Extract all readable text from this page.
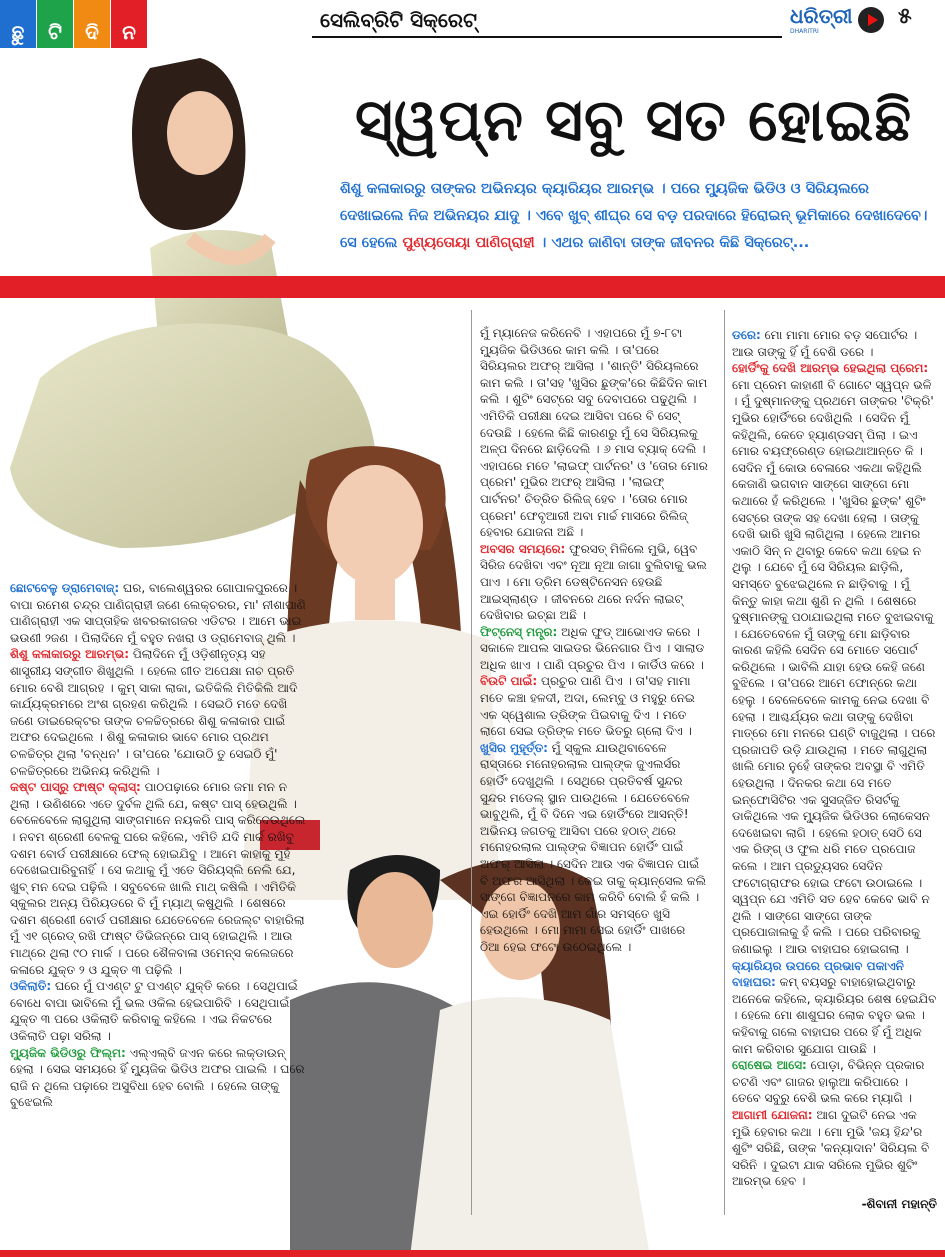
ଛୁ	ଟି	ଦି	ନ	ସେଲିବ୍ରିଟି ସିକ୍ରେଟ୍	ଧରିତ୍ରୀ
DHARITRI
୫
ସ୍ୱପ୍ନ ସବୁ ସତ ହୋଇଛି
ଶିଶୁ କଳାକାରରୁ ତାଙ୍କର ଅଭିନୟର କ୍ୟାରିୟର ଆରମ୍ଭ । ପରେ ମ୍ୟୁଜିକ ଭିଡିଓ ଓ ସିରିୟଲରେ ଦେଖାଇଲେ ନିଜ ଅଭିନୟର ଯାଦୁ । ଏବେ ଖୁବ୍ ଶୀଘ୍ର ସେ ବଡ଼ ପରଦାରେ ହିରୋଇନ୍ ଭୂମିକାରେ ଦେଖାଦେବେ। ସେ ହେଲେ ପୁଣ୍ୟତୋୟା ପାଣିଗ୍ରାହୀ । ଏଥର ଜାଣିବା ତାଙ୍କ ଜୀବନର କିଛି ସିକ୍ରେଟ୍...

ଛୋଟବେଳୁ ଡ୍ରାମେବାଜ୍: ଘର, ବାଲେଶ୍ୱରର ଗୋପାଳପୁରରେ । ବାପା ରମେଶ ଚନ୍ଦ୍ର ପାଣିଗ୍ରାହୀ ଜଣେ ଲେକ୍ଚରର, ମା' ନୀଶାପାଣି ପାଣିଗ୍ରାହୀ ଏକ ସାପ୍ତାହିକ ଖବରକାଗଜର ଏଡିଟର । ଆମେ ଭାଇ ଭଉଣୀ ୨ଜଣ । ପିଲାଦିନେ ମୁଁ ବହୁତ ନଖରା ଓ ଡ୍ରାମେବାଜ୍ ଥିଲି ।

ଶିଶୁ କଳାକାରରୁ ଆରମ୍ଭ: ପିଲାଦିନେ ମୁଁ ଓଡ଼ିଶୀନୃତ୍ୟ ସହ ଶାସ୍ତ୍ରୀୟ ସଙ୍ଗୀତ ଶିଖୁଥିଲି । ହେଲେ ଗୀତ ଅପେକ୍ଷା ନାଚ ପ୍ରତି ମୋର ବେଶି ଆଗ୍ରହ । କୁମ୍ ସାକା ଲାକା, ଇତିକିଲି ମିତିକିଲି ଆଦି କାର୍ଯ୍ୟକ୍ରମରେ ଅଂଶ ଗ୍ରହଣ କରିଥିଲି । ସେଇଠି ମତେ ଦେଖି ଜଣେ ଡାଇରେକ୍ଟର ତାଙ୍କ ଚଳଚ୍ଚିତ୍ରରେ ଶିଶୁ କଳାକାର ପାଇଁ ଅଫର ଦେଇଥିଲେ । ଶିଶୁ କଳାକାର ଭାବେ ମୋର ପ୍ରଥମ ଚଳଚ୍ଚିତ୍ର ଥିଲା 'ବନ୍ଧନ' । ତା'ପରେ 'ଯୋଉଠି ତୁ ସେଇଠି ମୁଁ' ଚଳଚ୍ଚିତ୍ରରେ ଅଭିନୟ କରିଥିଲି ।

କଷ୍ଟ ପାସ୍‌ରୁ ଫାଷ୍ଟ କ୍ଲାସ୍: ପାଠପଢ଼ାରେ ମୋର ଜମା ମନ ନ ଥିଲା । ଉଣିଶରେ ଏତେ ଦୁର୍ବଳ ଥିଲି ଯେ, କଷ୍ଟ ପାସ୍ ହେଉଥିଲି । ବେଳେବେଳେ ଲାଗୁଥିଲା ସାଙ୍ଗମାନେ ନୟକରି ପାସ୍ କରିଦେଉଥିଲେ । ନବମ ଶ୍ରେଣୀ ବେଳକୁ ଘରେ କହିଲେ, ଏମିତି ଯଦି ମାର୍କ ରଖିବୁ ଦଶମ ବୋର୍ଡ ପରୀକ୍ଷାରେ ଫେଲ୍ ହୋଇଯିବୁ । ଆମେ କାହାକୁ ମୁହଁ ଦେଖେଇପାରିବୁନାହିଁ । ସେ କଥାକୁ ମୁଁ ଏତେ ସିରିୟସ୍‌ଲି ନେଲି ଯେ, ଖୁବ୍ ମନ ଦେଇ ପଢ଼ିଲି । ସବୁବେଳେ ଖାଲି ମାଥ୍ କଷିଲି । ଏମିତିକି ସ୍କୁଲର ଅନ୍ୟ ପିରିୟଡରେ ବି ମୁଁ ମ୍ୟାଥ୍ କଷୁଥିଲି । ଶେଷରେ ଦଶମ ଶ୍ରେଣୀ ବୋର୍ଡ ପରୀକ୍ଷାର ଯେତେବେଳେ ରେଜଲ୍ଟ ବାହାରିଲା ମୁଁ ଏ୧ ଗ୍ରେଡ୍ ରଖି ଫାଷ୍ଟ ଡିଭିଜନ୍‌ରେ ପାସ୍ ହୋଇଥିଲି । ଆଉ ମାଥ୍‌ରେ ଥିଲା ୯୦ ମାର୍କ । ପରେ ଶୈଳବାଳା ଓମେନ୍ସ କଲେଜରେ କଳାରେ ଯୁକ୍ତ ୨ ଓ ଯୁକ୍ତ ୩ ପଢ଼ିଲି ।

ଓକିଲାତି: ଘରେ ମୁଁ ପଏଣ୍ଟ ଟୁ ପଏଣ୍ଟ ଯୁକ୍ତି କରେ । ସେଥିପାଇଁ ବୋଧେ ବାପା ଭାବିଲେ ମୁଁ ଭଲ ଓକିଲ ହେଇପାରିବି । ସେଥିପାଇଁ ଯୁକ୍ତ ୩ ପରେ ଓକିଲାତି କରିବାକୁ କହିଲେ । ଏଇ ନିକଟରେ ଓକିଲାତି ପଢ଼ା ସରିଲା ।

ମ୍ୟୁଜିକ ଭିଡିଓରୁ ଫିଲ୍ମ: ଏଲ୍‌ଏଲ୍‌ବି ଜଏନ କରେ ଲକ୍‌ଡାଉନ୍ ହେଲା । ସେଇ ସମୟରେ ହିଁ ମ୍ୟୁଜିକ ଭିଡିଓ ଅଫର ପାଇଲି । ଘରେ ରାଜି ନ ଥିଲେ ପଢ଼ାରେ ଅସୁବିଧା ହେବ ବୋଲି । ହେଲେ ତାଙ୍କୁ ବୁଝେଇଲି

ମୁଁ ମ୍ୟାନେଜ କରିନେବି । ଏହାପରେ ମୁଁ ୭-୮ଟା ମ୍ୟୁଜିକ ଭିଡିଓରେ କାମ କଲି । ତା'ପରେ ସିରିୟଲର ଅଫର୍ ଆସିଲା । 'ଶାନ୍ତି' ସିରିୟଲରେ କାମ କଲି । ତା'ସହ 'ଖୁସିର ଛୁଙ୍କ'ରେ କିଛିଦିନ କାମ କଲି । ଶୁଟିଂ ସେଟ୍‌ରେ ସବୁ ଦେବାପରେ ପଢୁଥିଲି । ଏମିତିକି ପରୀକ୍ଷା ଦେଇ ଆସିବା ପରେ ବି ସେଟ୍ ଦେଉଛି । ହେଲେ କିଛି କାରଣରୁ ମୁଁ ସେ ସିରିୟଲକୁ ଅଳ୍ପ ଦିନରେ ଛାଡ଼ିଦେଲି । ୬ ମାସ ବ୍ୟାକ୍ ଦେଲି । ଏହାପରେ ମତେ 'ଲାଇଫ୍ ପାର୍ଟନର' ଓ 'ତୋର ମୋର ପ୍ରେମ' ମୁଭିର ଅଫର୍ ଆସିଲା । 'ଲାଇଫ୍ ପାର୍ଟନର' ଚିତ୍ରିତ ରିଲିଜ୍ ହେବ । 'ତୋର ମୋର ପ୍ରେମ' ଫେବୃଆରୀ ଅବା ମାର୍ଚ୍ଚ ମାସରେ ରିଲିଜ୍ ହେବାର ଯୋଜନା ଅଛି ।

ଅବସର ସମୟରେ: ଫୁରସତ୍ ମିଳିଲେ ମୁଭି, ୱେବ ସିରିଜ ଦେଖିବା ଏବଂ ନୂଆ ନୂଆ ଜାଗା ବୁଲିବାକୁ ଭଲ ପାଏ । ମୋ ଡ୍ରିମ ଡେଷ୍ଟିନେସନ ହେଉଛି ଆଇସ୍‌ଲାଣ୍ଡ । ଜୀବନରେ ଥରେ ନର୍ଦନ ଲାଇଟ୍ ଦେଖିବାର ଇଚ୍ଛା ଅଛି ।

ଫିଟ୍‌ନେସ୍ ମନ୍ତ୍ର: ଅଧିକ ଫୁଡ୍ ଆଭୋଏଡ କରେ । ସକାଳେ ଆପଲ ସାଇଡର ଭିନେଗାର ପିଏ । ସାଲାଡ ଅଧିକ ଖାଏ । ପାଣି ପ୍ରଚୁର ପିଏ । କାର୍ଡିଓ କରେ ।

ବିଉଟି ପାଇଁ: ପ୍ରଚୁର ପାଣି ପିଏ । ତା'ସହ ମାମା ମତେ କଞ୍ଚା ହଳଦୀ, ଅଦା, ଲେମ୍ବୁ ଓ ମହୁରୁ ନେଇ ଏକ ସ୍ୱେଶାଲ ଡ୍ରିଙ୍କ ପିଇବାକୁ ଦିଏ । ମତେ ଲାଗେ ସେଇ ଡ୍ରିଙ୍କ ମତେ ଭିତରୁ ଗ୍ଲୋ ଦିଏ ।

ଖୁସିର ମୁହୂର୍ତ୍ତ: ମୁଁ ସ୍କୁଲ ଯାଉଥିବାବେଳେ ରାସ୍ତାରେ ମନୋହରଲାଲ ପାଲ୍ଙ୍କ ଜୁଏଲର୍ସର ହୋର୍ଡିଂ ଦେଖୁଥିଲି । ସେଥିରେ ପ୍ରତିବର୍ଷ ସୁନ୍ଦର ସୁନ୍ଦର ମଡେଲ୍ ସ୍ଥାନ ପାଉଥିଲେ । ଯେତେବେଳେ ଭାବୁଥିଲି, ମୁଁ ବି ଦିନେ ଏଇ ହୋର୍ଡିଂରେ ଆସନ୍ତି! ଅଭିନୟ ଜଗତକୁ ଆସିବା ପରେ ହଠାତ୍ ଥରେ ମନୋହରଲାଲ ପାଲ୍ଙ୍କ ବିଜ୍ଞାପନ ହୋର୍ଡିଂ ପାଇଁ ଅଫର୍ ଆସିଲା । ସେଦିନ ଆଉ ଏକ ବିଜ୍ଞାପନ ପାଇଁ ବି ଅଫର ଆସିଥିଲା । କେଇ ତାକୁ କ୍ୟାନ୍ସେଲ କଲି ସାଙ୍ଗେ ବିଜ୍ଞାପନରେ କାମ କରିବି ବୋଲି ହଁ କଲି । ଏଇ ହୋର୍ଡିଂ ଦେଖି ଆମ ଗାଁର ସମସ୍ତେ ଖୁସି ହେଉଥିଲେ । ମୋ ମାମା ସେଇ ହୋର୍ଡିଂ ପାଖରେ ଠିଆ ହେଇ ଫଟୋ ଉଠେଇଥିଲେ ।

ଡରେ: ମୋ ମାମା ମୋର ବଡ଼ ସପୋର୍ଟର । ଆଉ ତାଙ୍କୁ ହିଁ ମୁଁ ବେଶି ଡରେ ।

ହୋର୍ଡିଂକୁ ଦେଖି ଆରମ୍ଭ ହେଇଥିଲା ପ୍ରେମ: ମୋ ପ୍ରେମ କାହାଣୀ ବି ଗୋଟେ ସ୍ୱପ୍ନ ଭଳି । ମୁଁ ଦୁଷ୍ମାନଙ୍କୁ ପ୍ରଥମେ ତାଙ୍କର 'ଟିକ୍ରି' ମୁଭିର ହୋର୍ଡିଂରେ ଦେଖିଥିଲି । ସେଦିନ ମୁଁ କହିଥିଲି, କେତେ ହ୍ୟାଣ୍ଡସମ୍ ପିଲା । ଇଏ ମୋର ବୟଫ୍ରେଣ୍ଡ ହୋଇଥାଆନ୍ତେ କି । ସେଦିନ ମୁଁ କୋଉ ବେଳାରେ ଏକଥା କହିଥିଲି କେଜାଣି ଭଗବାନ ସାଙ୍ଗେ ସାଙ୍ଗେ ମୋ କଥାରେ ହଁ କରିଥିଲେ । 'ଖୁସିର ଛୁଙ୍କ' ଶୁଟିଂ ସେଟ୍‌ରେ ତାଙ୍କ ସହ ଦେଖା ହେଲା । ତାଙ୍କୁ ଦେଖି ଭାରି ଖୁସି ଲାଗିଥିଲା । ହେଲେ ଆମର ଏକାଠି ସିନ୍ ନ ଥିବାରୁ କେବେ କଥା ହେଇ ନ ଥିଲୁ । ଯେବେ ମୁଁ ସେ ସିରିୟଲ ଛାଡ଼ିଲି, ସମସ୍ତେ ବୁଝେଇଥିଲେ ନ ଛାଡ଼ିବାକୁ । ମୁଁ କିନ୍ତୁ କାହା କଥା ଶୁଣି ନ ଥିଲି । ଶେଷରେ ଦୁଷ୍ମାନଙ୍କୁ ପଠାଯାଇଥିଲା ମତେ ବୁଝାଇବାକୁ । ଯେତେବେଳେ ମୁଁ ତାଙ୍କୁ ମୋ ଛାଡ଼ିବାର କାରଣ କହିଲି ସେଦିନ ସେ ମୋତେ ସପୋର୍ଟ କରିଥିଲେ । ଭାବିଲି ଯାହା ହେଉ କେହି ଜଣେ ବୁଝିଲେ । ତା'ପରେ ଆମେ ଫୋନ୍‌ରେ କଥା ହେଲୁ । ବେଳେବେଳେ କାମକୁ ନେଇ ଦେଖା ବି ହେଲା । ଆଶ୍ଚର୍ଯ୍ୟର କଥା ତାଙ୍କୁ ଦେଖିବା ମାତ୍ରେ ମୋ ମନରେ ଘଣ୍ଟି ବାଜୁଥିଲା । ପରେ ପ୍ରଜାପତି ଉଡ଼ି ଯାଉଥିଲା । ମତେ ଲାଗୁଥିଲା ଖାଲି ମୋର ନୁହେଁ ତାଙ୍କର ଅବସ୍ଥା ବି ଏମିତି ହେଉଥିଲା । ଦିନକର କଥା ସେ ମତେ ଇନ୍‌ଫୋସିଟିର ଏକ ସୁସଜ୍ଜିତ ରିସର୍ଟକୁ ଡାକିଥିଲେ ଏକ ମ୍ୟୁଜିକ ଭିଡିଓର ଲୋକେସନ ଦେଖେଇବା ଲାଗି । ହେଲେ ହଠାତ୍ ସେଠି ସେ ଏକ ରିଙ୍ଗ୍ ଓ ଫୁଲ ଧରି ମତେ ପ୍ରପୋଜ କଲେ । ଆମ ପ୍ରଡ୍ୟୁସର ସେଦିନ ଫଟୋଗ୍ରାଫର ହୋଇ ଫଟୋ ଉଠାଇଲେ । ସ୍ୱପ୍ନ ଯେ ଏମିତି ସତ ହେବ କେବେ ଭାବି ନ ଥିଲି । ସାଙ୍ଗେ ସାଙ୍ଗେ ତାଙ୍କ ପ୍ରପୋଜାଲକୁ ହଁ କଲି । ପରେ ପରିବାରକୁ ଜଣାଇଲୁ । ଆଉ ବାହାଘର ହୋଇଗଲା ।

କ୍ୟାରିୟର ଉପରେ ପ୍ରଭାବ ପକାଏନି ବାହାଘର: କମ୍ ବୟସରୁ ବାହାହୋଇଥିବାରୁ ଅନେକେ କହିଲେ, କ୍ୟାରିୟର ଶେଷ ହେଇଯିବ । ହେଲେ ମୋ ଶାଶୁଘର ଲୋକ ବହୁତ ଭଲ । କହିବାକୁ ଗଲେ ବାହାଘର ପରେ ହିଁ ମୁଁ ଅଧିକ କାମ କରିବାର ସୁଯୋଗ ପାଉଛି ।

ରୋଷେଇ ଆସେ: ପୋଡ଼ା, ବିଭିନ୍ନ ପ୍ରକାର ଚଟଣି ଏବଂ ଗାଜର ହାଲୁଆ କରିପାରେ । ତେବେ ସବୁରୁ ବେଶି ଭଲ କରେ ମ୍ୟାଗି ।

ଆଗାମୀ ଯୋଜନା: ଆଗ ଦୁଇଟି ନେଇ ଏକ ମୁଭି ହେବାର କଥା । ମୋ ମୁଭି 'ଜୟ ହିନ୍ଦ'ର ଶୁଟିଂ ସରିଛି, ତାଙ୍କ 'କନ୍ୟାଦାନ' ସିରିୟଲ ବି ସରିନି । ଦୁଇଟା ଯାକ ସରିଲେ ମୁଭିର ଶୁଟିଂ ଆରମ୍ଭ ହେବ ।

-ଶିବାନୀ ମହାନ୍ତି
